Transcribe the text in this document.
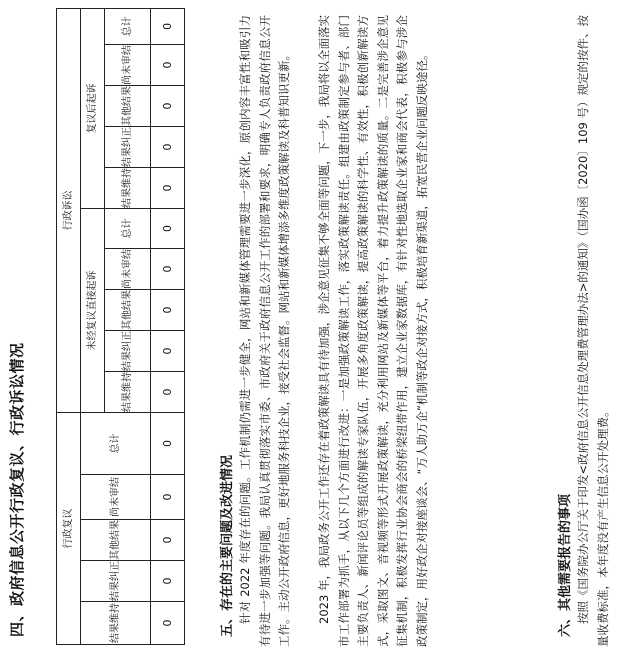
四、政府信息公开行政复议、行政诉讼情况	行政复议					行政诉讼									
结果维持	结果纠正	其他结果	尚未审结	总计	未经复议直接起诉					复议后起诉				
					结果维持	结果纠正	其他结果	尚未审结	总计	结果维持	结果纠正	其他结果	尚未审结	总计
0	0	0	0	0	0	0	0	0	0	0	0	0	0	0
五、存在的主要问题及改进情况 针对 2022 年度存在的问题。工作机制仍需进一步健全，网站和新媒体管理需要进一步深化，原创内容丰富性和吸引力有待进一步加强等问题。我局认真贯彻落实市委、市政府关于政府信息公开工作的部署和要求，明确专人负责政府信息公开工作。主动公开政府信息，更好地服务科技企业，接受社会监督。网站和新媒体增添多维度政策解读及科普知识更新。	2023 年，我局政务公开工作还存在着政策解读具有待加强，涉企意见征集不够全面等问题，下一步，我局将以全面落实市工作部署为抓手，从以下几个方面进行改进：一是加强政策解读工作，落实政策解读责任。组建由政策制定参与者、部门主要负责人、新闻评论员等组成的解读专家队伍，开展多角度政策解读，提高政策解读的科学性、有效性，积极创新解读方式，采取图文、音视频等形式开展政策解读，充分利用网站及新媒体等平台，着力提升政策解读的质量。二是完善涉企意见征集机制，积极发挥行业协会商会的桥梁纽带作用，建立企业家数据库，有针对性地选取企业家和商会代表，积极参与涉企政策制定，用好政企对接座谈会、“万人助万企”机制等政企对接方式，积极培育新渠道，拓宽民营企业问题反映途径。	六、其他需要报告的事项 按照《国务院办公厅关于印发<政府信息公开信息处理费管理办法>的通知》（国办函〔2020〕109 号）规定的按件、按量收费标准，本年度没有产生信息公开处理费。
